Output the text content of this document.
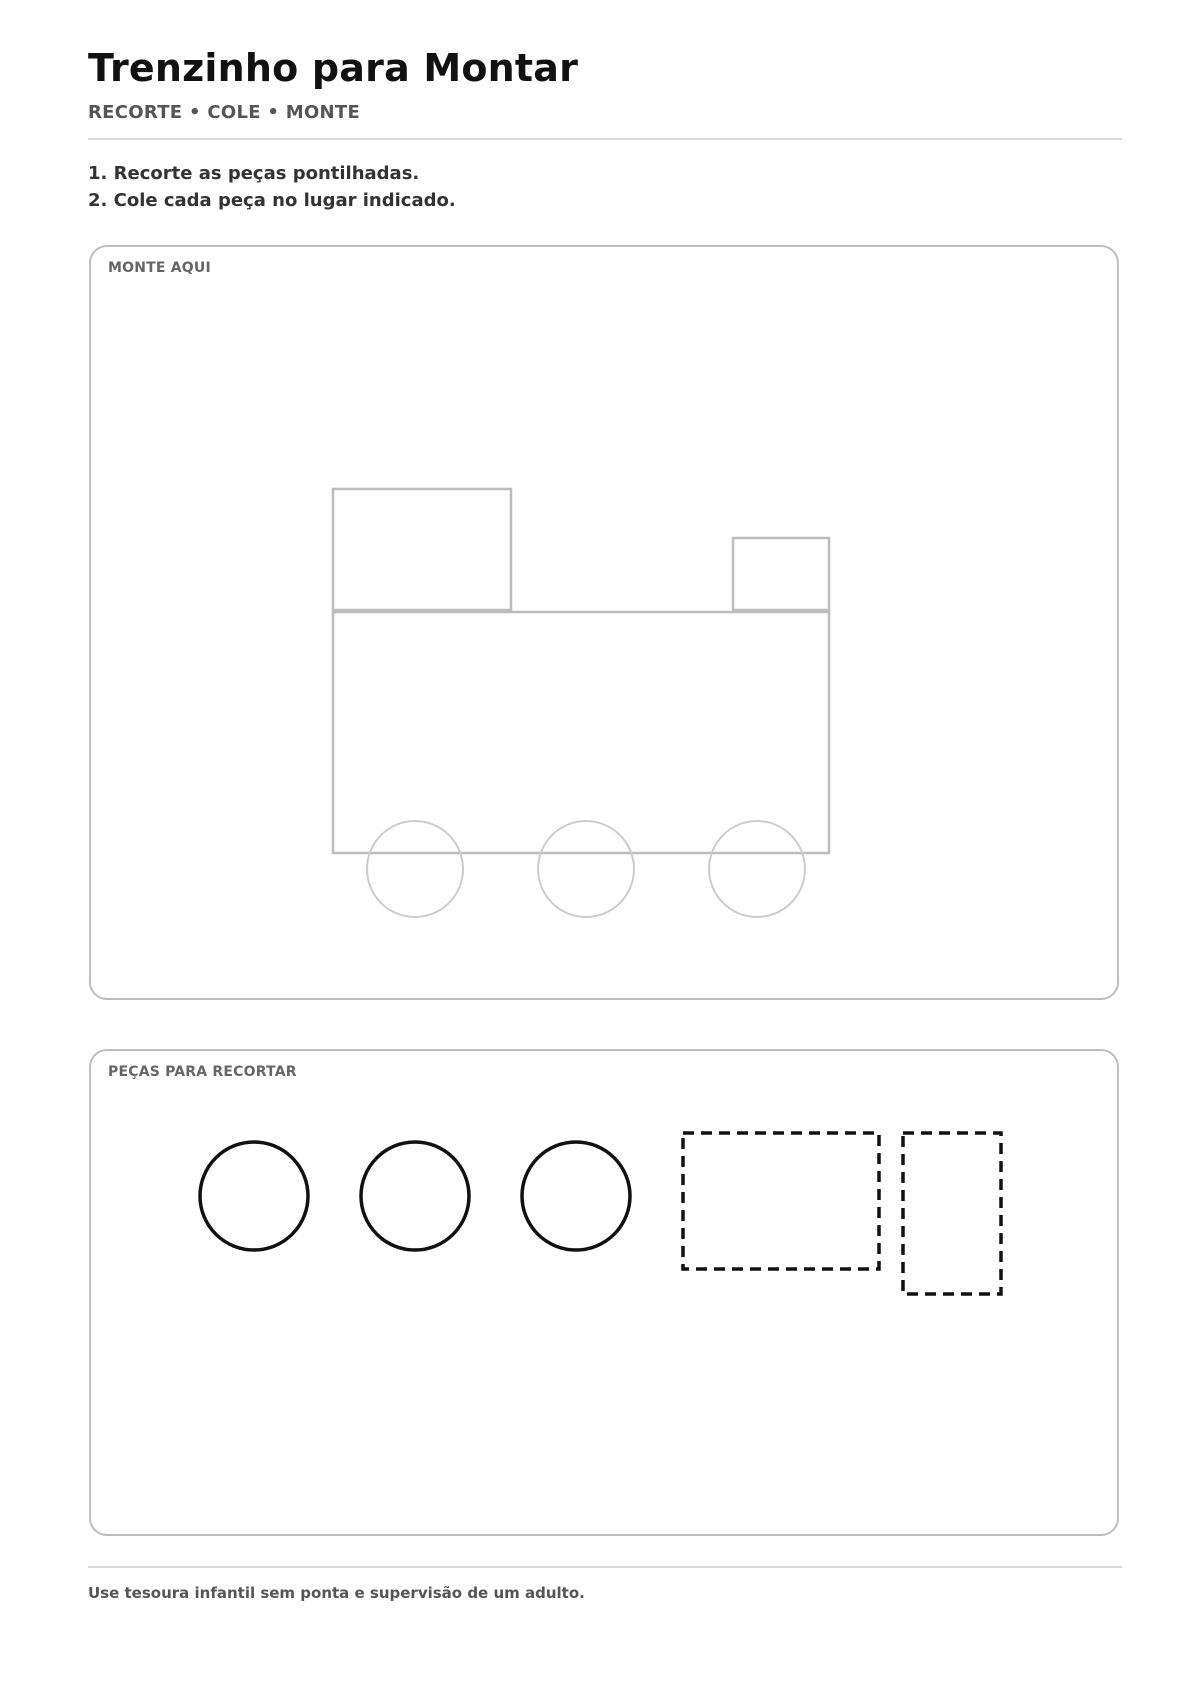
Trenzinho para Montar
RECORTE • COLE • MONTE
1. Recorte as peças pontilhadas.
2. Cole cada peça no lugar indicado.
MONTE AQUI
PEÇAS PARA RECORTAR
Use tesoura infantil sem ponta e supervisão de um adulto.
